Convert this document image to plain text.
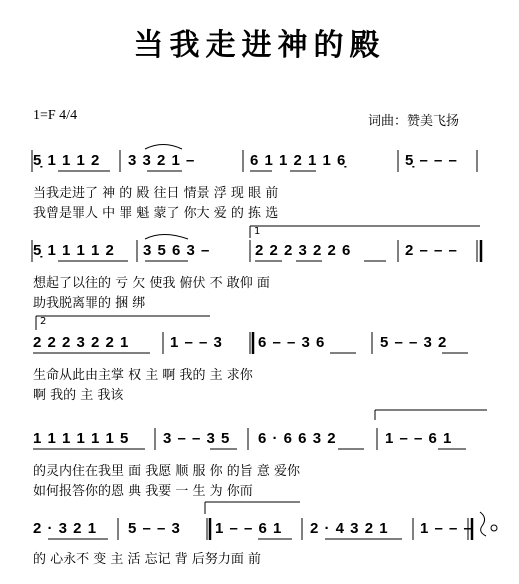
当我走进神的殿
1=F 4/4	词曲：赞美飞扬
1
2
5̣ 1 1 1 2 3 3 2 1 –	6 1 1 2 1 1 6̣	5̣ – – –
当我走进了 神 的 殿 往日 情景 浮 现 眼 前
我曾是罪人 中 罪 魁 蒙了 你大 爱 的 拣 选
5̣ 1 1 1 1 2 3 5 6 3 –	2 2 2 3 2 2 6	2 – – –
想起了以往的 亏 欠 使我 俯伏 不 敢仰 面
助我脱离罪的 捆 绑
2 2 2 3 2 2 1	1 – – 3 6 – – 3 6	5 – – 3 2
生命从此由主掌 权 主 啊 我的 主 求你
啊 我的 主 我该
1 1 1 1 1 1 5 3 – – 3 5 6 · 6 6 3 2	1 – – 6 1
的灵内住在我里 面 我愿 顺 服 你 的旨 意 爱你
如何报答你的恩 典 我要 一 生 为 你而
2 · 3 2 1 5 – – 3 1 – – 6 1 2 · 4 3 2 1 1 – – –
的 心永不 变 主 活 忘记 背 后努力面 前
